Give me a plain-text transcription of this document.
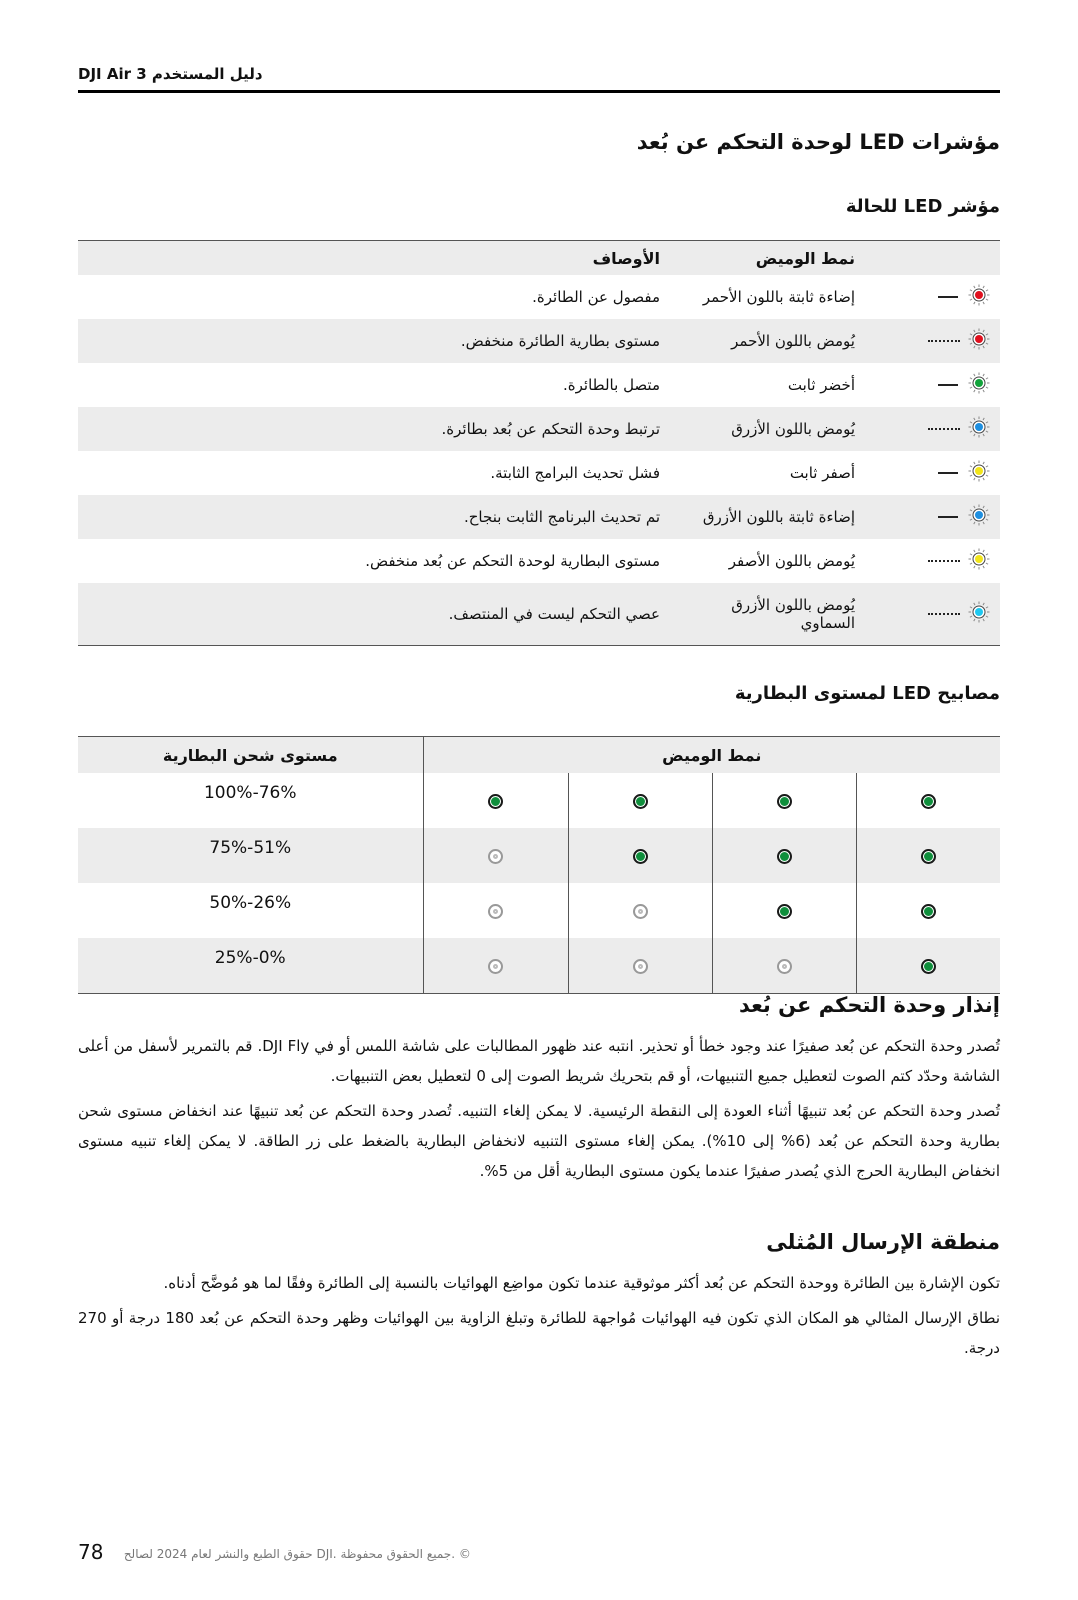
DJI Air 3 دليل المستخدم
مؤشرات LED لوحدة التحكم عن بُعد
مؤشر LED للحالة
	نمط الوميض	الأوصاف
	إضاءة ثابتة باللون الأحمر	مفصول عن الطائرة.
	يُومض باللون الأحمر	مستوى بطارية الطائرة منخفض.
	أخضر ثابت	متصل بالطائرة.
	يُومض باللون الأزرق	ترتبط وحدة التحكم عن بُعد بطائرة.
	أصفر ثابت	فشل تحديث البرامج الثابتة.
	إضاءة ثابتة باللون الأزرق	تم تحديث البرنامج الثابت بنجاح.
	يُومض باللون الأصفر	مستوى البطارية لوحدة التحكم عن بُعد منخفض.
	يُومض باللون الأزرق السماوي	عصي التحكم ليست في المنتصف.
مصابيح LED لمستوى البطارية
نمط الوميض				مستوى شحن البطارية
				76%-100%
				51%-75%
				26%-50%
				0%-25%
إنذار وحدة التحكم عن بُعد

تُصدر وحدة التحكم عن بُعد صفيرًا عند وجود خطأ أو تحذير. انتبه عند ظهور المطالبات على شاشة اللمس أو في DJI Fly. قم بالتمرير لأسفل من أعلى الشاشة وحدّد كتم الصوت لتعطيل جميع التنبيهات، أو قم بتحريك شريط الصوت إلى 0 لتعطيل بعض التنبيهات.

تُصدر وحدة التحكم عن بُعد تنبيهًا أثناء العودة إلى النقطة الرئيسية. لا يمكن إلغاء التنبيه. تُصدر وحدة التحكم عن بُعد تنبيهًا عند انخفاض مستوى شحن بطارية وحدة التحكم عن بُعد (6% إلى 10%). يمكن إلغاء مستوى التنبيه لانخفاض البطارية بالضغط على زر الطاقة. لا يمكن إلغاء تنبيه مستوى انخفاض البطارية الحرج الذي يُصدر صفيرًا عندما يكون مستوى البطارية أقل من 5%.

منطقة الإرسال المُثلى

تكون الإشارة بين الطائرة ووحدة التحكم عن بُعد أكثر موثوقية عندما تكون مواضِع الهوائيات بالنسبة إلى الطائرة وفقًا لما هو مُوضَّح أدناه.

نطاق الإرسال المثالي هو المكان الذي تكون فيه الهوائيات مُواجهة للطائرة وتبلغ الزاوية بين الهوائيات وظهر وحدة التحكم عن بُعد 180 درجة أو 270 درجة.

78 حقوق الطبع والنشر لعام 2024 لصالح DJI. جميع الحقوق محفوظة. ©
